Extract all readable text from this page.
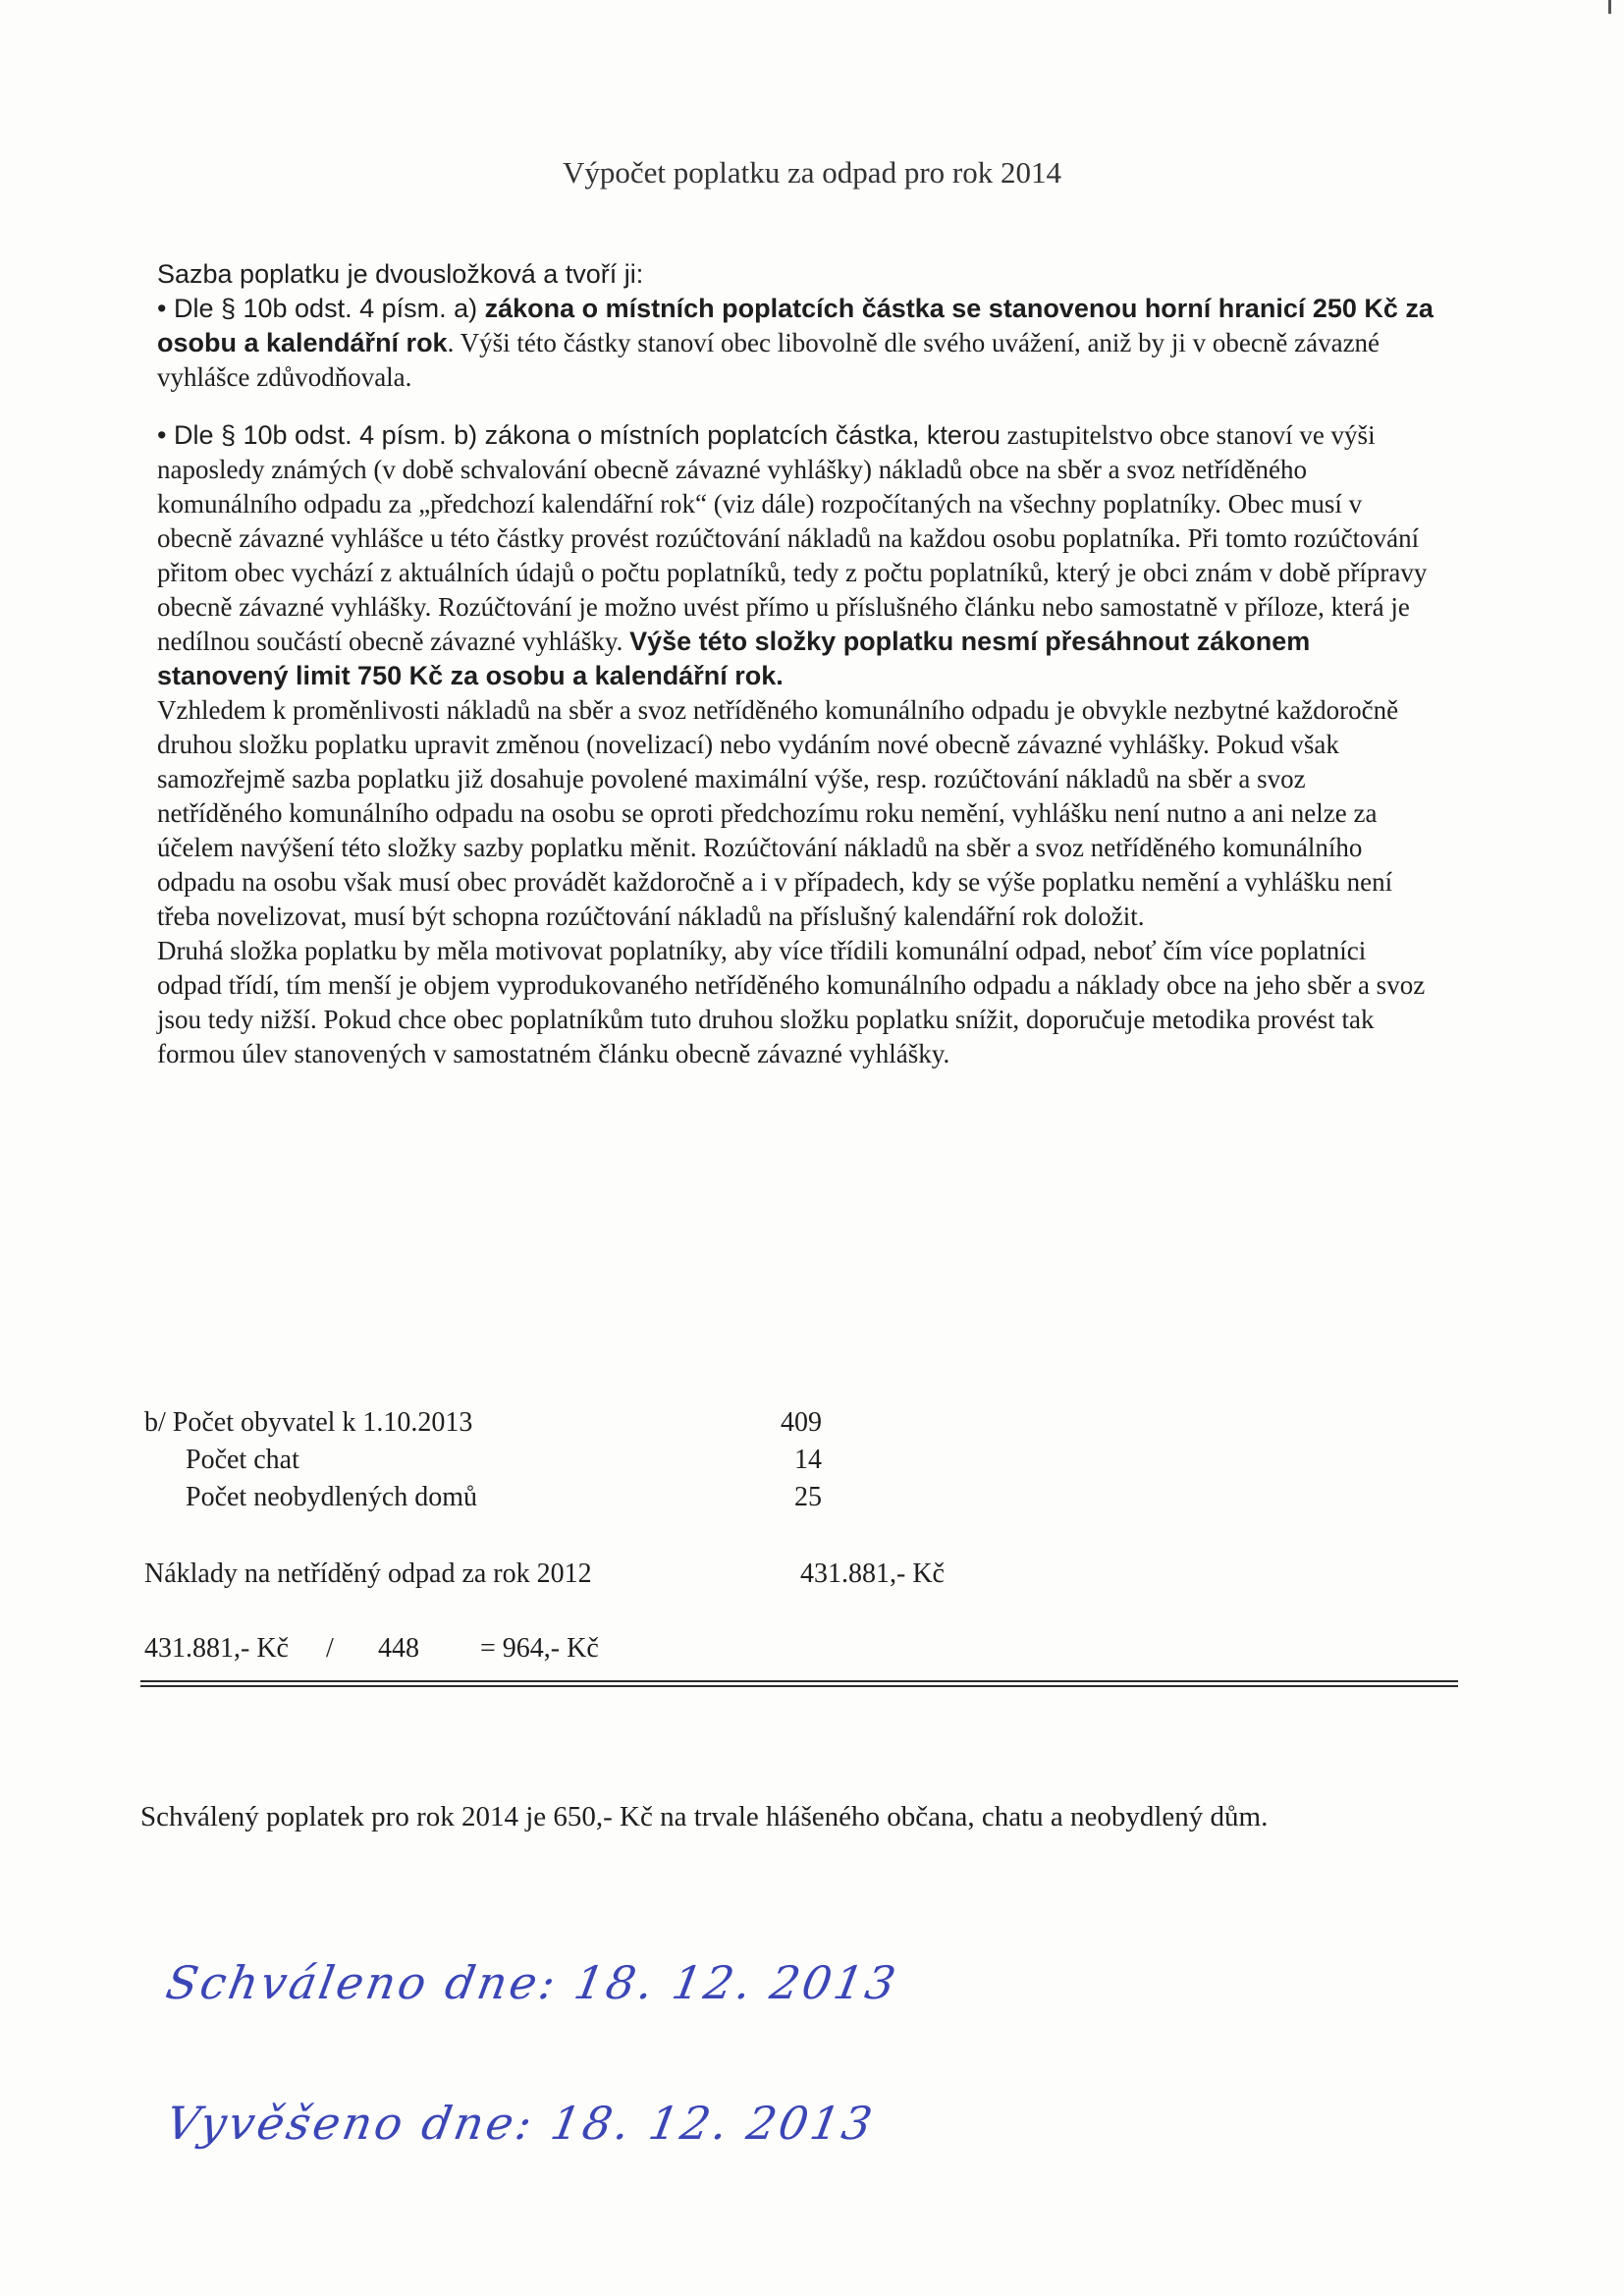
Výpočet poplatku za odpad pro rok 2014

Sazba poplatku je dvousložková a tvoří ji:

• Dle § 10b odst. 4 písm. a) zákona o místních poplatcích částka se stanovenou horní hranicí 250 Kč za osobu a kalendářní rok. Výši této částky stanoví obec libovolně dle svého uvážení, aniž by ji v obecně závazné vyhlášce zdůvodňovala.

• Dle § 10b odst. 4 písm. b) zákona o místních poplatcích částka, kterou zastupitelstvo obce stanoví ve výši naposledy známých (v době schvalování obecně závazné vyhlášky) nákladů obce na sběr a svoz netříděného komunálního odpadu za „předchozí kalendářní rok“ (viz dále) rozpočítaných na všechny poplatníky. Obec musí v obecně závazné vyhlášce u této částky provést rozúčtování nákladů na každou osobu poplatníka. Při tomto rozúčtování přitom obec vychází z aktuálních údajů o počtu poplatníků, tedy z počtu poplatníků, který je obci znám v době přípravy obecně závazné vyhlášky. Rozúčtování je možno uvést přímo u příslušného článku nebo samostatně v příloze, která je nedílnou součástí obecně závazné vyhlášky. Výše této složky poplatku nesmí přesáhnout zákonem stanovený limit 750 Kč za osobu a kalendářní rok.

Vzhledem k proměnlivosti nákladů na sběr a svoz netříděného komunálního odpadu je obvykle nezbytné každoročně druhou složku poplatku upravit změnou (novelizací) nebo vydáním nové obecně závazné vyhlášky. Pokud však samozřejmě sazba poplatku již dosahuje povolené maximální výše, resp. rozúčtování nákladů na sběr a svoz netříděného komunálního odpadu na osobu se oproti předchozímu roku nemění, vyhlášku není nutno a ani nelze za účelem navýšení této složky sazby poplatku měnit. Rozúčtování nákladů na sběr a svoz netříděného komunálního odpadu na osobu však musí obec provádět každoročně a i v případech, kdy se výše poplatku nemění a vyhlášku není třeba novelizovat, musí být schopna rozúčtování nákladů na příslušný kalendářní rok doložit.

Druhá složka poplatku by měla motivovat poplatníky, aby více třídili komunální odpad, neboť čím více poplatníci odpad třídí, tím menší je objem vyprodukovaného netříděného komunálního odpadu a náklady obce na jeho sběr a svoz jsou tedy nižší. Pokud chce obec poplatníkům tuto druhou složku poplatku snížit, doporučuje metodika provést tak formou úlev stanovených v samostatném článku obecně závazné vyhlášky.

b/ Počet obyvatel k 1.10.2013	409
Počet chat	14
Počet neobydlených domů	25
Náklady na netříděný odpad za rok 2012	431.881,- Kč
431.881,- Kč / 448 = 964,- Kč
Schválený poplatek pro rok 2014 je 650,- Kč na trvale hlášeného občana, chatu a neobydlený dům.
Schváleno dne: 18. 12. 2013
Vyvěšeno dne: 18. 12. 2013
